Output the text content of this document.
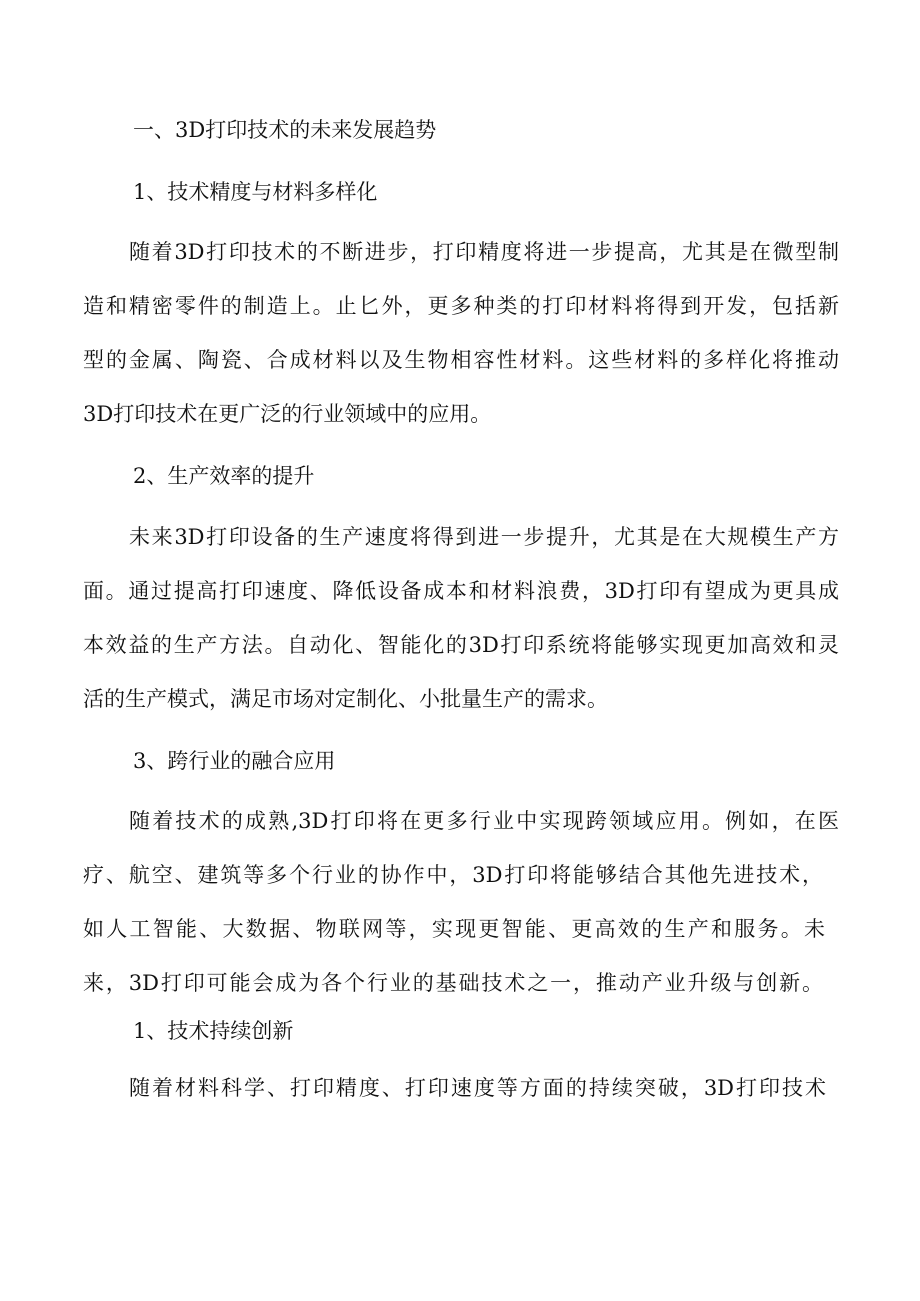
一、3D打印技术的未来发展趋势
1、技术精度与材料多样化
随着3D打印技术的不断进步，打印精度将进一步提高，尤其是在微型制
造和精密零件的制造上。止匕外，更多种类的打印材料将得到开发，包括新
型的金属、陶瓷、合成材料以及生物相容性材料。这些材料的多样化将推动
3D打印技术在更广泛的行业领域中的应用。
2、生产效率的提升
未来3D打印设备的生产速度将得到进一步提升，尤其是在大规模生产方
面。通过提高打印速度、降低设备成本和材料浪费，3D打印有望成为更具成
本效益的生产方法。自动化、智能化的3D打印系统将能够实现更加高效和灵
活的生产模式，满足市场对定制化、小批量生产的需求。
3、跨行业的融合应用
随着技术的成熟,3D打印将在更多行业中实现跨领域应用。例如，在医
疗、航空、建筑等多个行业的协作中，3D打印将能够结合其他先进技术，
如人工智能、大数据、物联网等，实现更智能、更高效的生产和服务。未
来，3D打印可能会成为各个行业的基础技术之一，推动产业升级与创新。
1、技术持续创新
随着材料科学、打印精度、打印速度等方面的持续突破，3D打印技术
